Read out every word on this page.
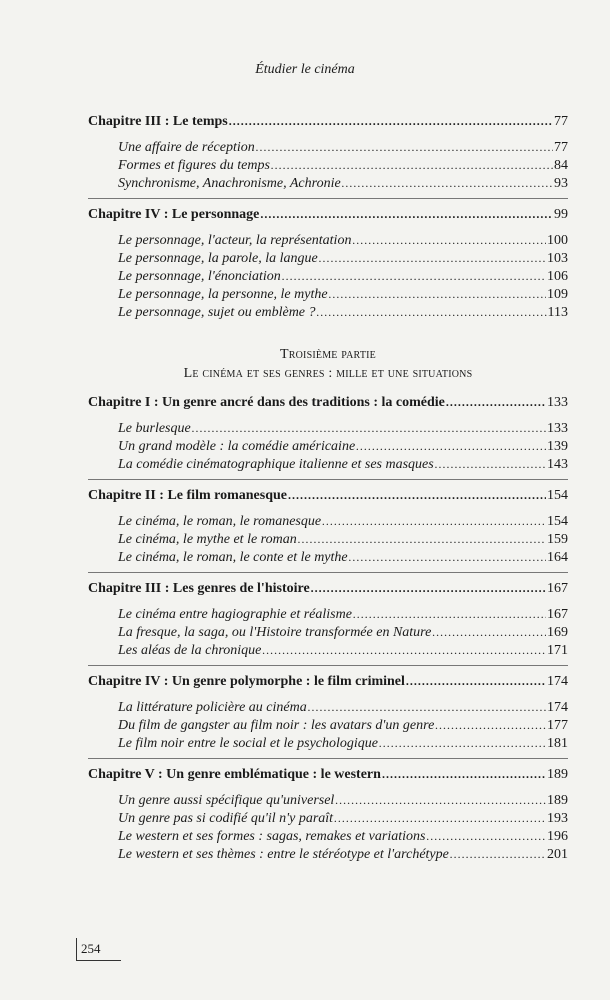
Étudier le cinéma
Chapitre III : Le temps .....	77
Une affaire de réception .....	77
Formes et figures du temps .....	84
Synchronisme, Anachronisme, Achronie .....	93
Chapitre IV : Le personnage .....	99
Le personnage, l'acteur, la représentation .....	100
Le personnage, la parole, la langue .....	103
Le personnage, l'énonciation .....	106
Le personnage, la personne, le mythe .....	109
Le personnage, sujet ou emblème ? .....	113
Troisième partie
Le cinéma et ses genres : mille et une situations
Chapitre I : Un genre ancré dans des traditions : la comédie .....	133
Le burlesque .....	133
Un grand modèle : la comédie américaine .....	139
La comédie cinématographique italienne et ses masques .....	143
Chapitre II : Le film romanesque .....	154
Le cinéma, le roman, le romanesque .....	154
Le cinéma, le mythe et le roman .....	159
Le cinéma, le roman, le conte et le mythe .....	164
Chapitre III : Les genres de l'histoire .....	167
Le cinéma entre hagiographie et réalisme .....	167
La fresque, la saga, ou l'Histoire transformée en Nature .....	169
Les aléas de la chronique .....	171
Chapitre IV : Un genre polymorphe : le film criminel .....	174
La littérature policière au cinéma .....	174
Du film de gangster au film noir : les avatars d'un genre .....	177
Le film noir entre le social et le psychologique .....	181
Chapitre V : Un genre emblématique : le western .....	189
Un genre aussi spécifique qu'universel .....	189
Un genre pas si codifié qu'il n'y paraît .....	193
Le western et ses formes : sagas, remakes et variations .....	196
Le western et ses thèmes : entre le stéréotype et l'archétype .....	201
254
